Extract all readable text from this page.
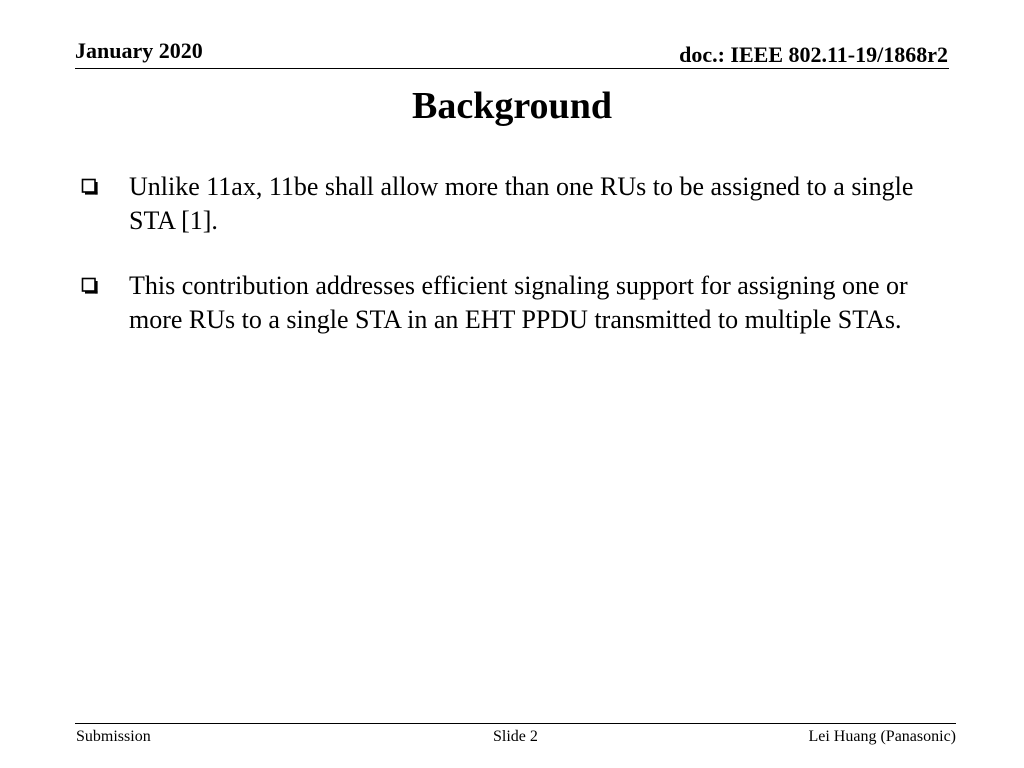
January 2020	doc.: IEEE 802.11-19/1868r2
Background
Unlike 11ax, 11be shall allow more than one RUs to be assigned to a single STA [1].
This contribution addresses efficient signaling support for assigning one or more RUs to a single STA in an EHT PPDU transmitted to multiple STAs.
Submission	Slide 2	Lei Huang (Panasonic)
